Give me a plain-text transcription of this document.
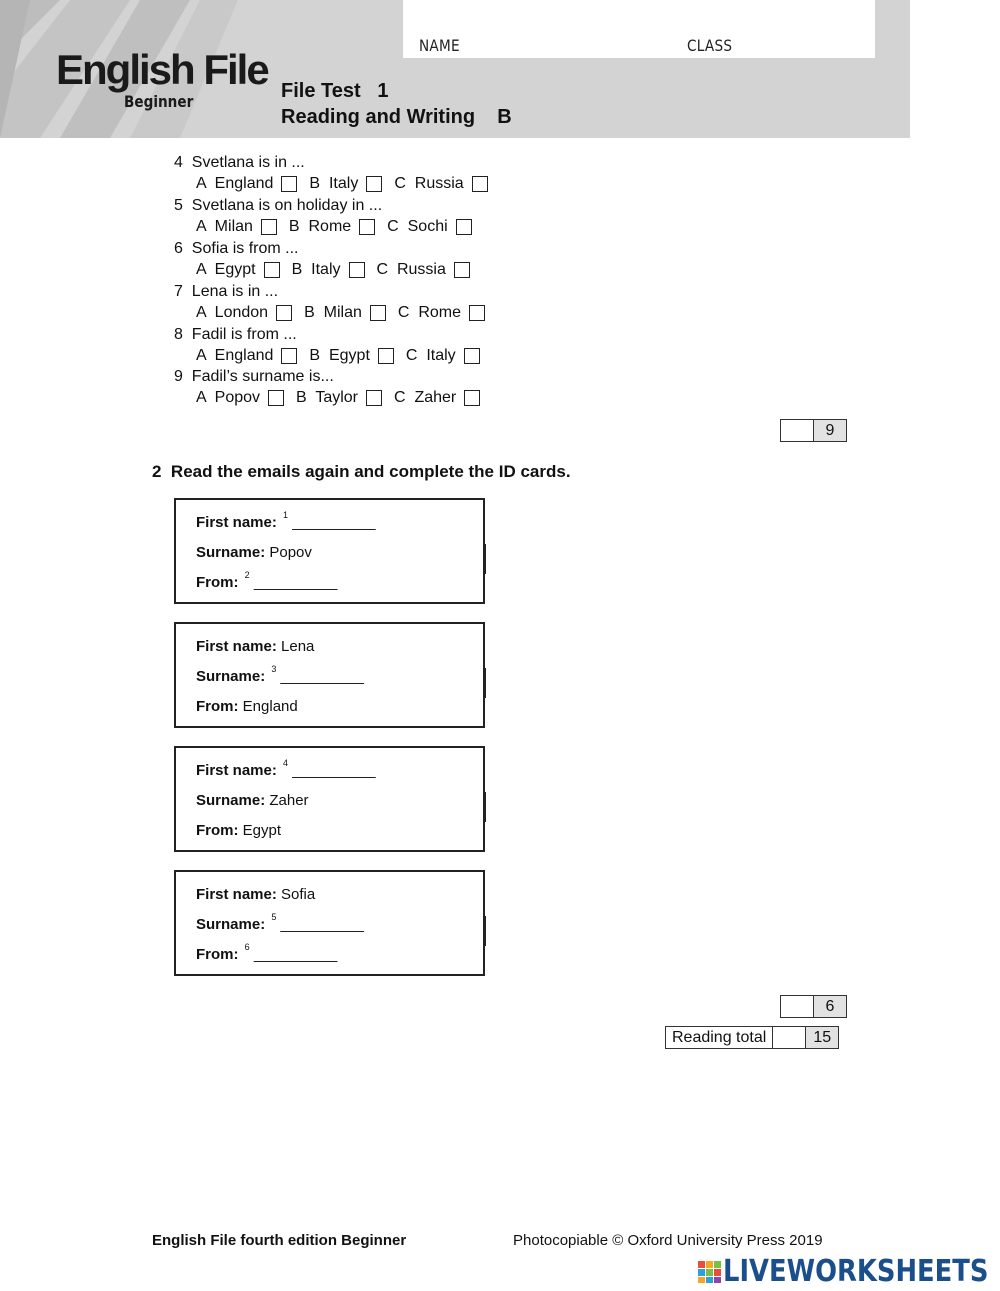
NAME	CLASS
English File
Beginner	File Test   1
Reading and Writing    B
4 Svetlana is in ...
A  England B  Italy C  Russia
5 Svetlana is on holiday in ...
A  Milan B  Rome C  Sochi
6 Sofia is from ...
A  Egypt B  Italy C  Russia
7 Lena is in ...
A  London B  Milan C  Rome
8 Fadil is from ...
A  England B  Egypt C  Italy
9 Fadil’s surname is...
A  Popov B  Taylor C  Zaher
9
2 Read the emails again and complete the ID cards.
First name: $^1$ __________
Surname: Popov
From: $^2$ __________
First name: Lena
Surname: $^3$ __________
From: England
First name: $^4$ __________
Surname: Zaher
From: Egypt
First name: Sofia
Surname: $^5$ __________
From: $^6$ __________
6
Reading total	15
English File fourth edition Beginner	Photocopiable © Oxford University Press 2019
LIVEWORKSHEETS
